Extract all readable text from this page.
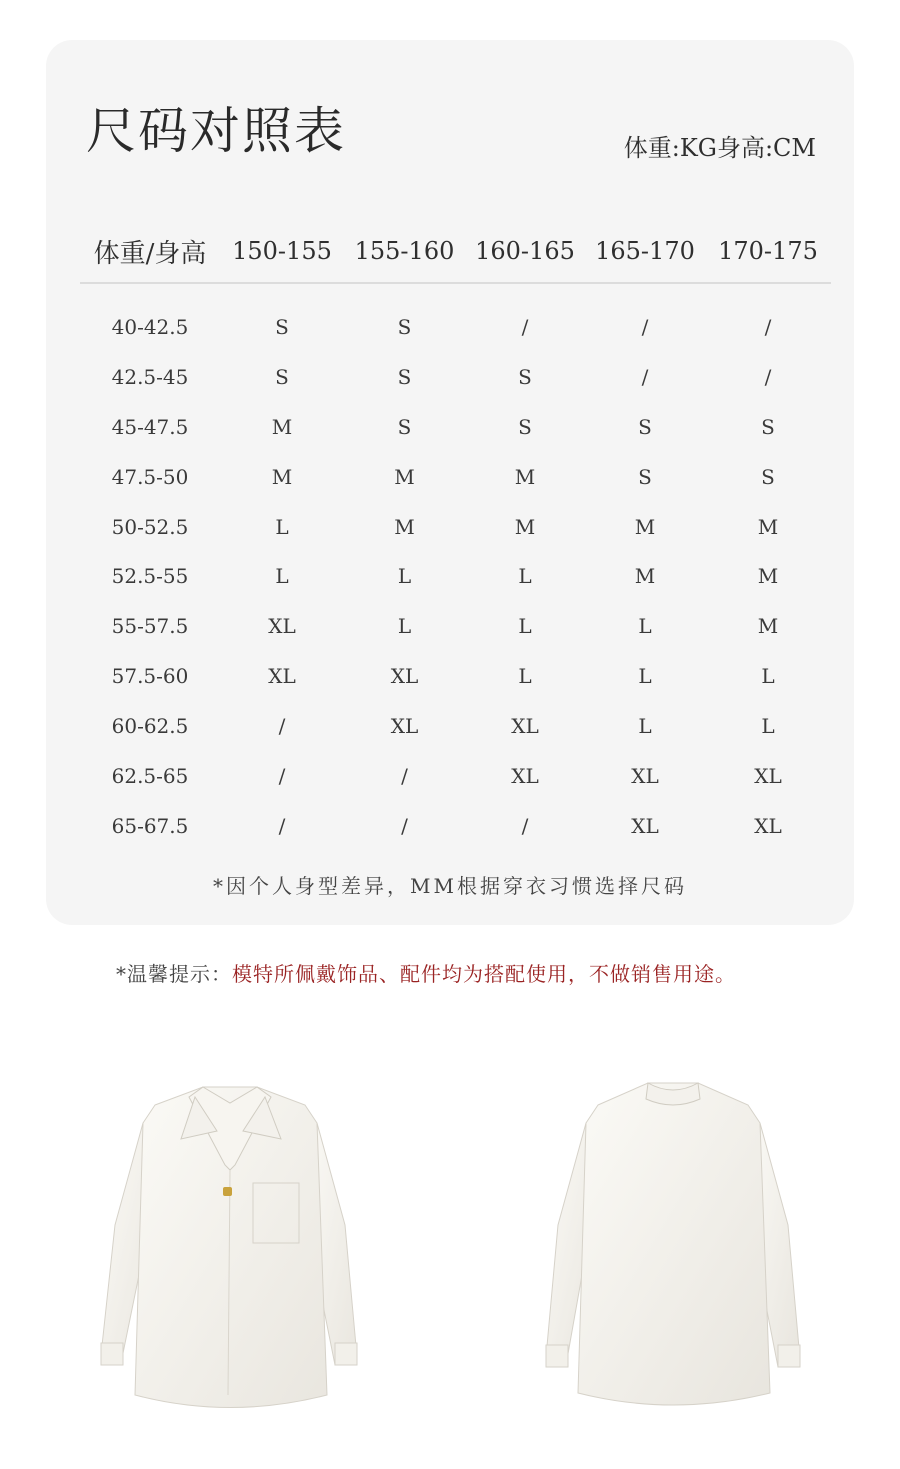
尺码对照表	体重:KG身高:CM
体重/身高	150-155 155-160 160-165 165-170 170-175
40-42.5	S	S	/	/	/
42.5-45	S	S	S	/	/
45-47.5	M	S	S	S	S
47.5-50	M	M	M	S	S
50-52.5	L	M	M	M	M
52.5-55	L	L	L	M	M
55-57.5	XL	L	L	L	M
57.5-60	XL	XL	L	L	L
60-62.5	/	XL	XL	L	L
62.5-65	/	/	XL	XL	XL
65-67.5	/	/	/	XL	XL
*因个人身型差异，MM根据穿衣习惯选择尺码
*温馨提示：模特所佩戴饰品、配件均为搭配使用，不做销售用途。
